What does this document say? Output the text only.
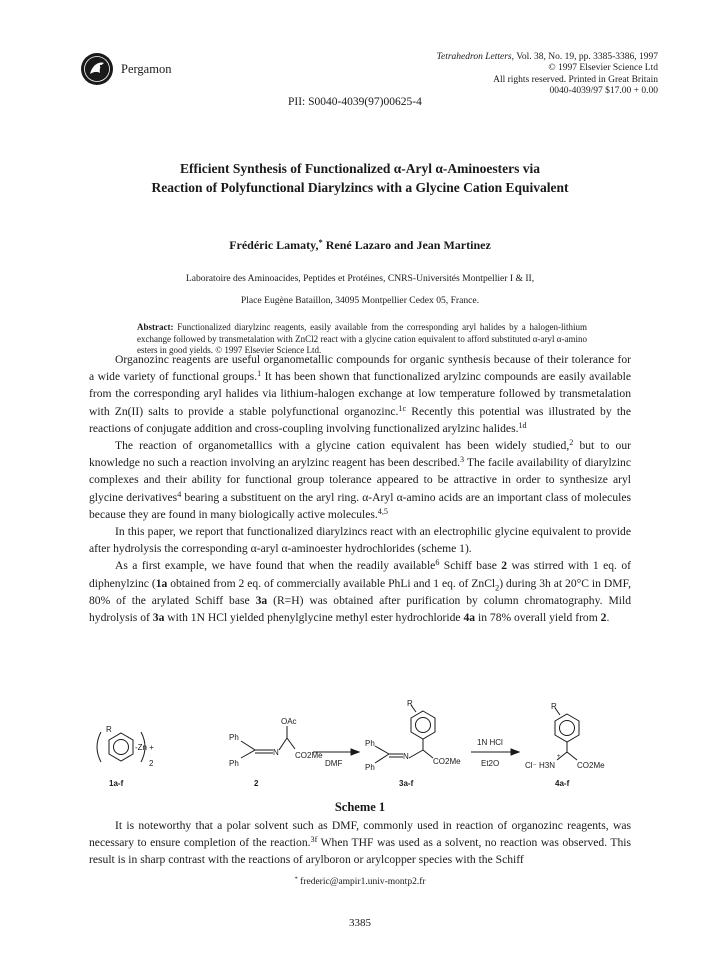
Pergamon
Tetrahedron Letters, Vol. 38, No. 19, pp. 3385-3386, 1997
© 1997 Elsevier Science Ltd
All rights reserved. Printed in Great Britain
0040-4039/97 $17.00 + 0.00
PII: S0040-4039(97)00625-4
Efficient Synthesis of Functionalized α-Aryl α-Aminoesters via
Reaction of Polyfunctional Diarylzincs with a Glycine Cation Equivalent
Frédéric Lamaty,* René Lazaro and Jean Martinez
Laboratoire des Aminoacides, Peptides et Protéines, CNRS-Universités Montpellier I & II,
Place Eugène Bataillon, 34095 Montpellier Cedex 05, France.
Abstract: Functionalized diarylzinc reagents, easily available from the corresponding aryl halides by a halogen-lithium exchange followed by transmetalation with ZnCl2 react with a glycine cation equivalent to afford substituted α-aryl α-amino esters in good yields. © 1997 Elsevier Science Ltd.

Organozinc reagents are useful organometallic compounds for organic synthesis because of their tolerance for a wide variety of functional groups.$^1$ It has been shown that functionalized arylzinc compounds are easily available from the corresponding aryl halides via lithium-halogen exchange at low temperature followed by transmetalation with Zn(II) salts to provide a stable polyfunctional organozinc.$^{1c}$ Recently this potential was illustrated by the reactions of conjugate addition and cross-coupling involving functionalized arylzinc halides.$^{1d}$

The reaction of organometallics with a glycine cation equivalent has been widely studied,$^2$ but to our knowledge no such a reaction involving an arylzinc reagent has been described.$^3$ The facile availability of diarylzinc complexes and their ability for functional group tolerance appeared to be attractive in order to synthesize aryl glycine derivatives$^4$ bearing a substituent on the aryl ring. α-Aryl α-amino acids are an important class of molecules because they are found in many biologically active molecules.$^{4,5}$

In this paper, we report that functionalized diarylzincs react with an electrophilic glycine equivalent to provide after hydrolysis the corresponding α-aryl α-aminoester hydrochlorides (scheme 1).

As a first example, we have found that when the readily available$^6$ Schiff base 2 was stirred with 1 eq. of diphenylzinc (1a obtained from 2 eq. of commercially available PhLi and 1 eq. of ZnCl$_2$) during 3h at 20°C in DMF, 80% of the arylated Schiff base 3a (R=H) was obtained after purification by column chromatography. Mild hydrolysis of 3a with 1N HCl yielded phenylglycine methyl ester hydrochloride 4a in 78% overall yield from 2.

R
-Zn +
2
OAc
Ph
Ph
N CO2Me
DMF
R
Ph
Ph
N
CO2Me
1N HCl
Et2O
R
Cl⁻ H3N
+
CO2Me
1a-f	2	3a-f	4a-f
Scheme 1

It is noteworthy that a polar solvent such as DMF, commonly used in reaction of organozinc reagents, was necessary to ensure completion of the reaction.$^{3f}$ When THF was used as a solvent, no reaction was observed. This result is in sharp contrast with the reactions of arylboron or arylcopper species with the Schiff

* frederic@ampir1.univ-montp2.fr
3385
